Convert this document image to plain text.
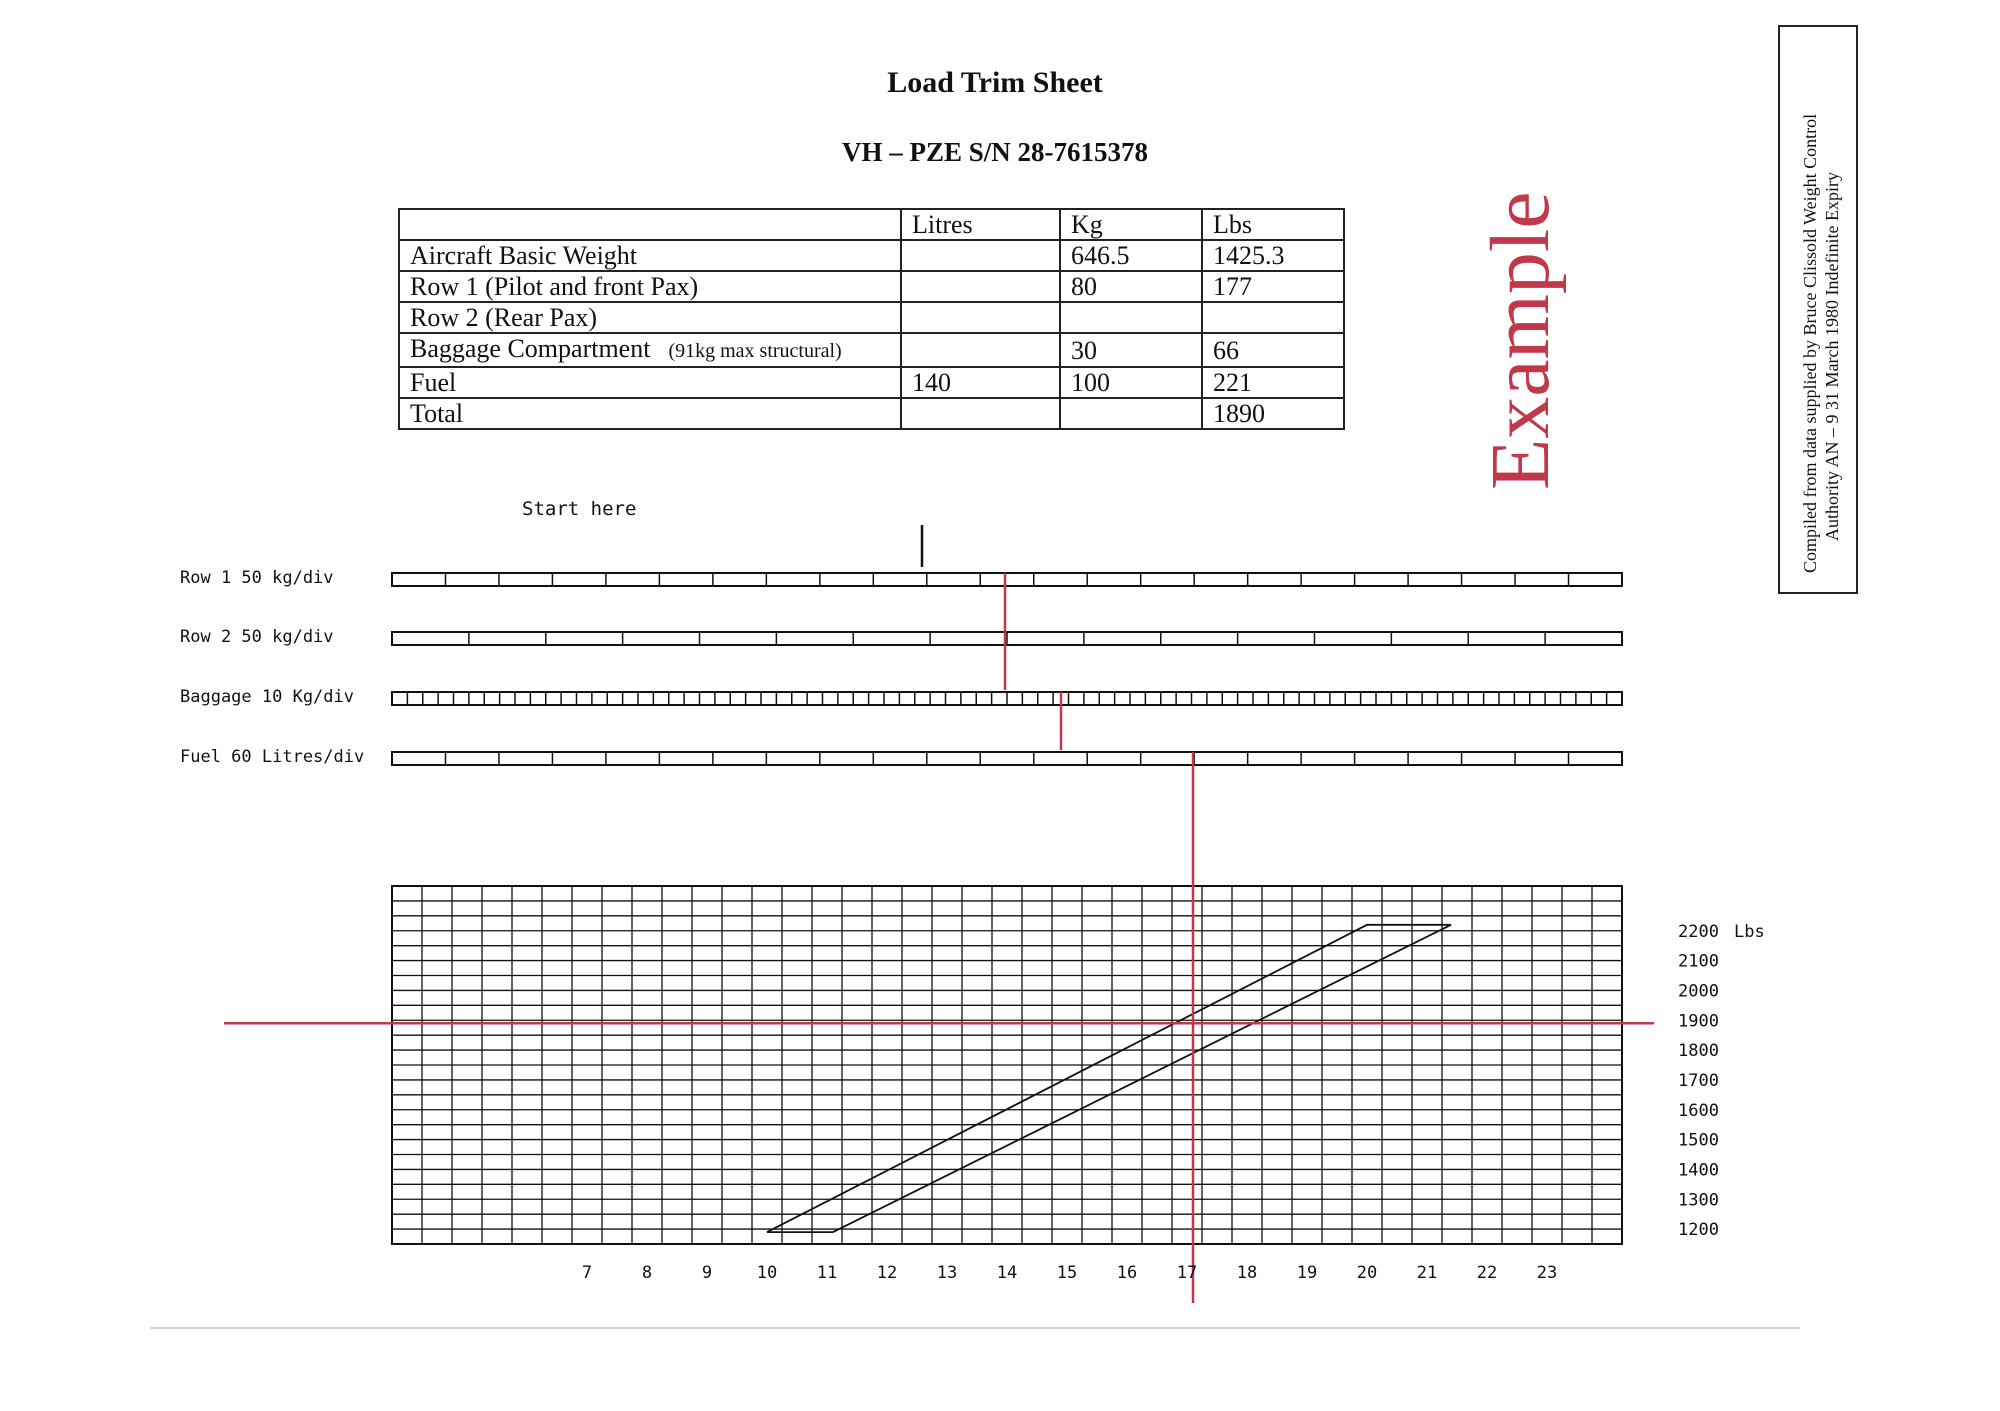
Load Trim Sheet
VH – PZE S/N 28-7615378
	Litres	Kg	Lbs
Aircraft Basic Weight		646.5	1425.3
Row 1 (Pilot and front Pax)		80	177
Row 2 (Rear Pax)			
Baggage Compartment (91kg max structural)		30	66
Fuel	140	100	221
Total			1890 Example	Compiled from data supplied by Bruce Clissold Weight Control Authority AN – 9 31 March 1980 Indefinite Expiry
Start here
Row 1 50 kg/div
Row 2 50 kg/div
Baggage 10 Kg/div
Fuel 60 Litres/div
7	8	9	10 11 12 13 14 15 16 17 18 19 20 21 22 23
2200
2100
2000
1900
1800
1700
1600
1500
1400
1300
1200
Lbs
